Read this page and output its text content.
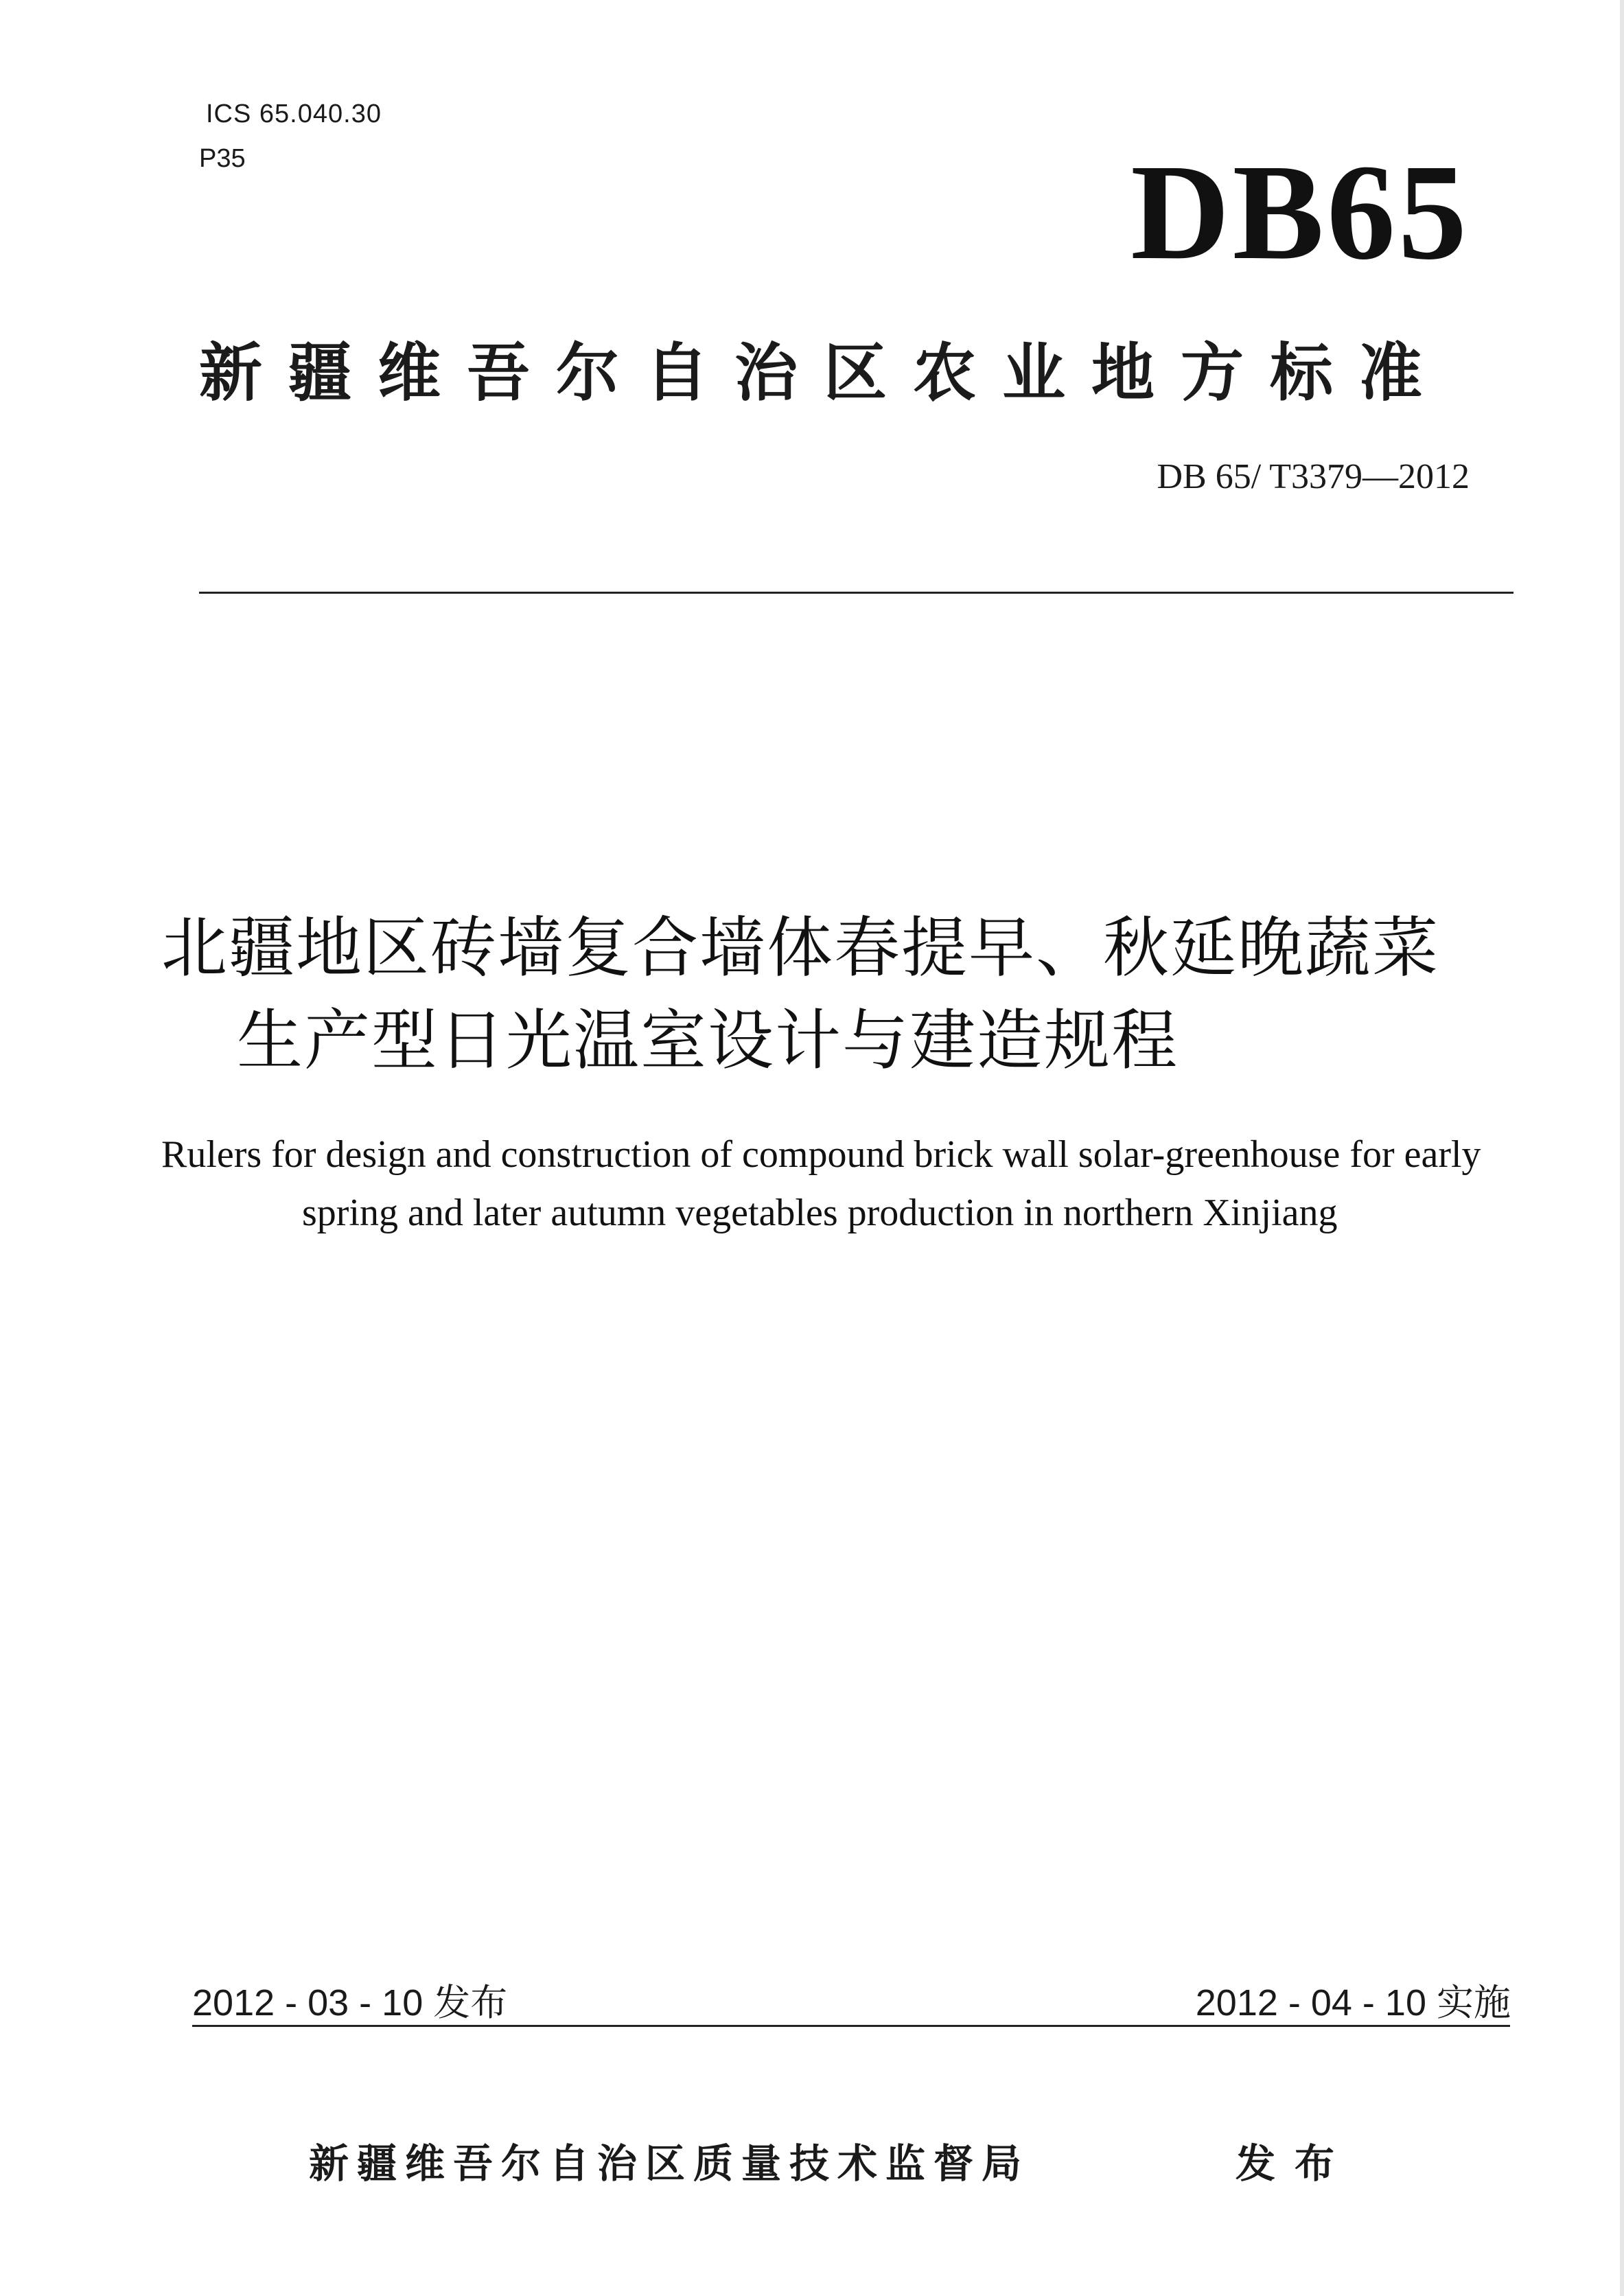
ICS 65.040.30
P35	DB65
新疆维吾尔自治区农业地方标准
DB 65/ T3379—2012
北疆地区砖墙复合墙体春提早、秋延晚蔬菜
生产型日光温室设计与建造规程
Rulers for design and construction of compound brick wall solar-greenhouse for early
spring and later autumn vegetables production in northern Xinjiang
2012 - 03 - 10 发布	2012 - 04 - 10 实施
新疆维吾尔自治区质量技术监督局	发布
